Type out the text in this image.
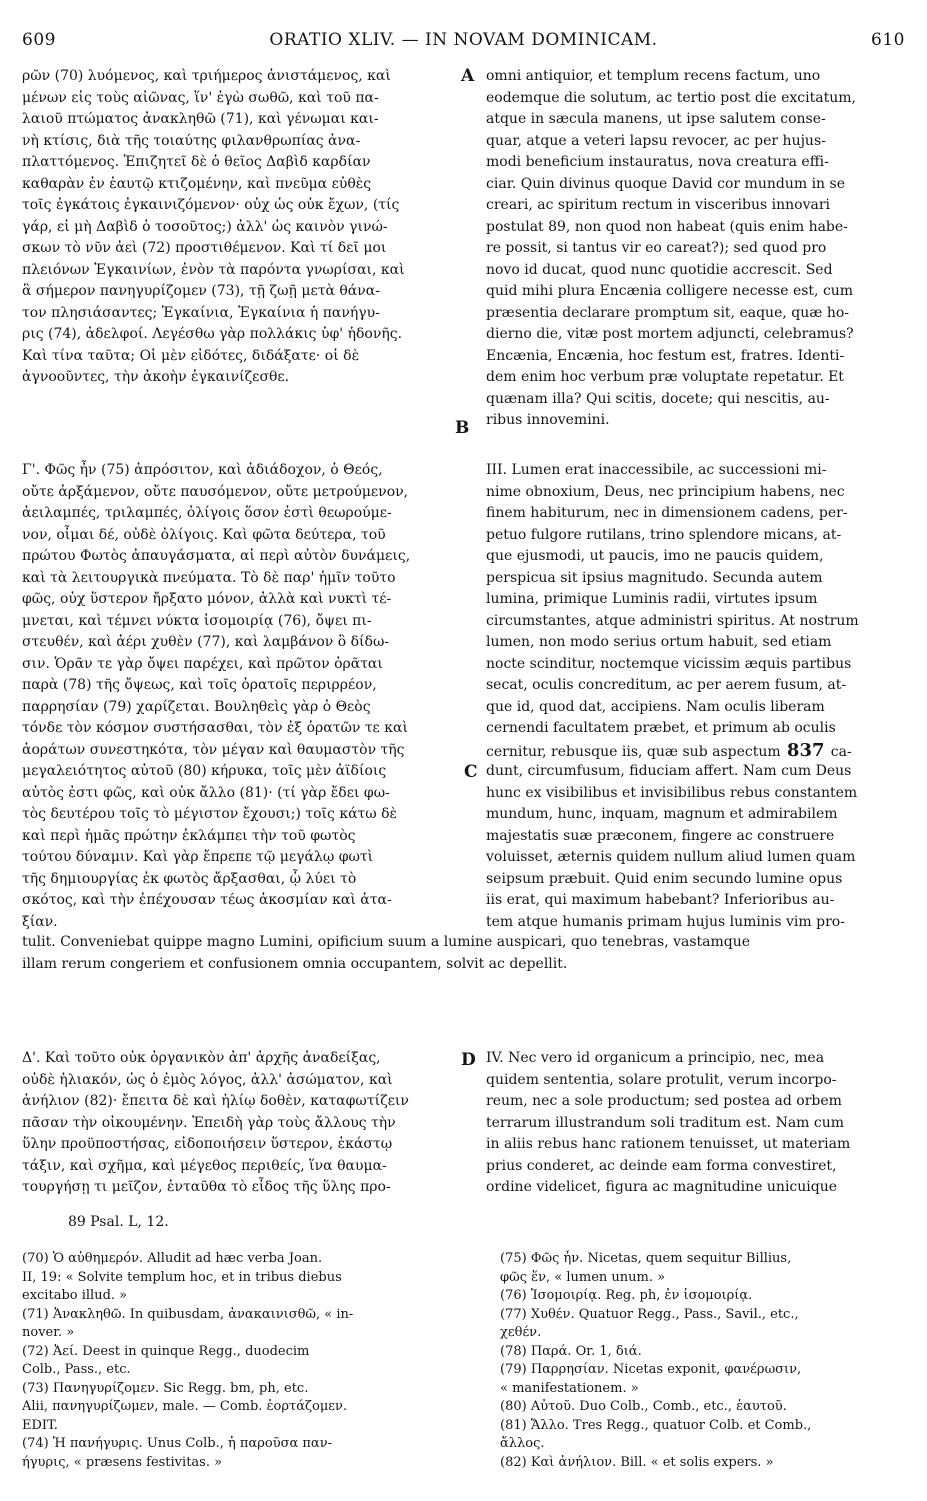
609	ORATIO XLIV. — IN NOVAM DOMINICAM.	610
A
B
C
D
ρῶν (70) λυόμενος, καὶ τριήμερος ἀνιστάμενος, καὶ
μένων εἰς τοὺς αἰῶνας, ἵν' ἐγὼ σωθῶ, καὶ τοῦ πα-
λαιοῦ πτώματος ἀνακληθῶ (71), καὶ γένωμαι και-
νὴ κτίσις, διὰ τῆς τοιαύτης φιλανθρωπίας ἀνα-
πλαττόμενος. Ἐπιζητεῖ δὲ ὁ θεῖος Δαβὶδ καρδίαν
καθαρὰν ἐν ἑαυτῷ κτιζομένην, καὶ πνεῦμα εὐθὲς
τοῖς ἐγκάτοις ἐγκαινιζόμενον· οὐχ ὡς οὐκ ἔχων, (τίς
γάρ, εἰ μὴ Δαβὶδ ὁ τοσοῦτος;) ἀλλ' ὡς καινὸν γινώ-
σκων τὸ νῦν ἀεὶ (72) προστιθέμενον. Καὶ τί δεῖ μοι
πλειόνων Ἐγκαινίων, ἐνὸν τὰ παρόντα γνωρίσαι, καὶ
ἃ σήμερον πανηγυρίζομεν (73), τῇ ζωῇ μετὰ θάνα-
τον πλησιάσαντες; Ἐγκαίνια, Ἐγκαίνια ἡ πανήγυ-
ρις (74), ἀδελφοί. Λεγέσθω γὰρ πολλάκις ὑφ' ἡδονῆς.
Καὶ τίνα ταῦτα; Οἱ μὲν εἰδότες, διδάξατε· οἱ δὲ
ἀγνοοῦντες, τὴν ἀκοὴν ἐγκαινίζεσθε.
omni antiquior, et templum recens factum, uno
eodemque die solutum, ac tertio post die excitatum,
atque in sæcula manens, ut ipse salutem conse-
quar, atque a veteri lapsu revocer, ac per hujus-
modi beneficium instauratus, nova creatura effi-
ciar. Quin divinus quoque David cor mundum in se
creari, ac spiritum rectum in visceribus innovari
postulat 89, non quod non habeat (quis enim habe-
re possit, si tantus vir eo careat?); sed quod pro
novo id ducat, quod nunc quotidie accrescit. Sed
quid mihi plura Encænia colligere necesse est, cum
præsentia declarare promptum sit, eaque, quæ ho-
dierno die, vitæ post mortem adjuncti, celebramus?
Encænia, Encænia, hoc festum est, fratres. Identi-
dem enim hoc verbum præ voluptate repetatur. Et
quænam illa? Qui scitis, docete; qui nescitis, au-
ribus innovemini.
Γ'. Φῶς ἦν (75) ἀπρόσιτον, καὶ ἀδιάδοχον, ὁ Θεός,
οὔτε ἀρξάμενον, οὔτε παυσόμενον, οὔτε μετρούμενον,
ἀειλαμπές, τριλαμπές, ὀλίγοις ὅσον ἐστὶ θεωρούμε-
νον, οἶμαι δέ, οὐδὲ ὀλίγοις. Καὶ φῶτα δεύτερα, τοῦ
πρώτου Φωτὸς ἀπαυγάσματα, αἱ περὶ αὐτὸν δυνάμεις,
καὶ τὰ λειτουργικὰ πνεύματα. Τὸ δὲ παρ' ἡμῖν τοῦτο
φῶς, οὐχ ὕστερον ἤρξατο μόνον, ἀλλὰ καὶ νυκτὶ τέ-
μνεται, καὶ τέμνει νύκτα ἰσομοιρίᾳ (76), ὄψει πι-
στευθέν, καὶ ἀέρι χυθὲν (77), καὶ λαμβάνον ὃ δίδω-
σιν. Ὁρᾶν τε γὰρ ὄψει παρέχει, καὶ πρῶτον ὁρᾶται
παρὰ (78) τῆς ὄψεως, καὶ τοῖς ὁρατοῖς περιρρέον,
παρρησίαν (79) χαρίζεται. Βουληθεὶς γὰρ ὁ Θεὸς
τόνδε τὸν κόσμον συστήσασθαι, τὸν ἐξ ὁρατῶν τε καὶ
ἀοράτων συνεστηκότα, τὸν μέγαν καὶ θαυμαστὸν τῆς
μεγαλειότητος αὐτοῦ (80) κήρυκα, τοῖς μὲν ἀϊδίοις
αὐτὸς ἐστι φῶς, καὶ οὐκ ἄλλο (81)· (τί γὰρ ἔδει φω-
τὸς δευτέρου τοῖς τὸ μέγιστον ἔχουσι;) τοῖς κάτω δὲ
καὶ περὶ ἡμᾶς πρώτην ἐκλάμπει τὴν τοῦ φωτὸς
τούτου δύναμιν. Καὶ γὰρ ἔπρεπε τῷ μεγάλῳ φωτὶ
τῆς δημιουργίας ἐκ φωτὸς ἄρξασθαι, ᾧ λύει τὸ
σκότος, καὶ τὴν ἐπέχουσαν τέως ἀκοσμίαν καὶ ἀτα-
ξίαν.
III. Lumen erat inaccessibile, ac successioni mi-
nime obnoxium, Deus, nec principium habens, nec
finem habiturum, nec in dimensionem cadens, per-
petuo fulgore rutilans, trino splendore micans, at-
que ejusmodi, ut paucis, imo ne paucis quidem,
perspicua sit ipsius magnitudo. Secunda autem
lumina, primique Luminis radii, virtutes ipsum
circumstantes, atque administri spiritus. At nostrum
lumen, non modo serius ortum habuit, sed etiam
nocte scinditur, noctemque vicissim æquis partibus
secat, oculis concreditum, ac per aerem fusum, at-
que id, quod dat, accipiens. Nam oculis liberam
cernendi facultatem præbet, et primum ab oculis
cernitur, rebusque iis, quæ sub aspectum 837 ca-
dunt, circumfusum, fiduciam affert. Nam cum Deus
hunc ex visibilibus et invisibilibus rebus constantem
mundum, hunc, inquam, magnum et admirabilem
majestatis suæ præconem, fingere ac construere
voluisset, æternis quidem nullum aliud lumen quam
seipsum præbuit. Quid enim secundo lumine opus
iis erat, qui maximum habebant? Inferioribus au-
tem atque humanis primam hujus luminis vim pro-
tulit. Conveniebat quippe magno Lumini, opificium suum a lumine auspicari, quo tenebras, vastamque
illam rerum congeriem et confusionem omnia occupantem, solvit ac depellit.
Δ'. Καὶ τοῦτο οὐκ ὀργανικὸν ἀπ' ἀρχῆς ἀναδείξας,
οὐδὲ ἡλιακόν, ὡς ὁ ἐμὸς λόγος, ἀλλ' ἀσώματον, καὶ
ἀνήλιον (82)· ἔπειτα δὲ καὶ ἡλίῳ δοθὲν, καταφωτίζειν
πᾶσαν τὴν οἰκουμένην. Ἐπειδὴ γὰρ τοὺς ἄλλους τὴν
ὕλην προϋποστήσας, εἰδοποιήσειν ὕστερον, ἑκάστῳ
τάξιν, καὶ σχῆμα, καὶ μέγεθος περιθείς, ἵνα θαυμα-
τουργήσῃ τι μεῖζον, ἐνταῦθα τὸ εἶδος τῆς ὕλης προ-
IV. Nec vero id organicum a principio, nec, mea
quidem sententia, solare protulit, verum incorpo-
reum, nec a sole productum; sed postea ad orbem
terrarum illustrandum soli traditum est. Nam cum
in aliis rebus hanc rationem tenuisset, ut materiam
prius conderet, ac deinde eam forma convestiret,
ordine videlicet, figura ac magnitudine unicuique
89 Psal. L, 12.
(70) Ὁ αὐθημερόν. Alludit ad hæc verba Joan.
II, 19: « Solvite templum hoc, et in tribus diebus
excitabo illud. »
(71) Ἀνακληθῶ. In quibusdam, ἀνακαινισθῶ, « in-
nover. »
(72) Ἀεί. Deest in quinque Regg., duodecim
Colb., Pass., etc.
(73) Πανηγυρίζομεν. Sic Regg. bm, ph, etc.
Alii, πανηγυρίζωμεν, male. — Comb. ἑορτάζομεν.
EDIT.
(74) Ἡ πανήγυρις. Unus Colb., ἡ παροῦσα παν-
ήγυρις, « præsens festivitas. »
(75) Φῶς ἦν. Nicetas, quem sequitur Billius,
φῶς ἕν, « lumen unum. »
(76) Ἰσομοιρίᾳ. Reg. ph, ἐν ἰσομοιρίᾳ.
(77) Χυθέν. Quatuor Regg., Pass., Savil., etc.,
χεθέν.
(78) Παρά. Or. 1, διά.
(79) Παρρησίαν. Nicetas exponit, φανέρωσιν,
« manifestationem. »
(80) Αὐτοῦ. Duo Colb., Comb., etc., ἑαυτοῦ.
(81) Ἄλλο. Tres Regg., quatuor Colb. et Comb.,
ἄλλος.
(82) Καὶ ἀνήλιον. Bill. « et solis expers. »
